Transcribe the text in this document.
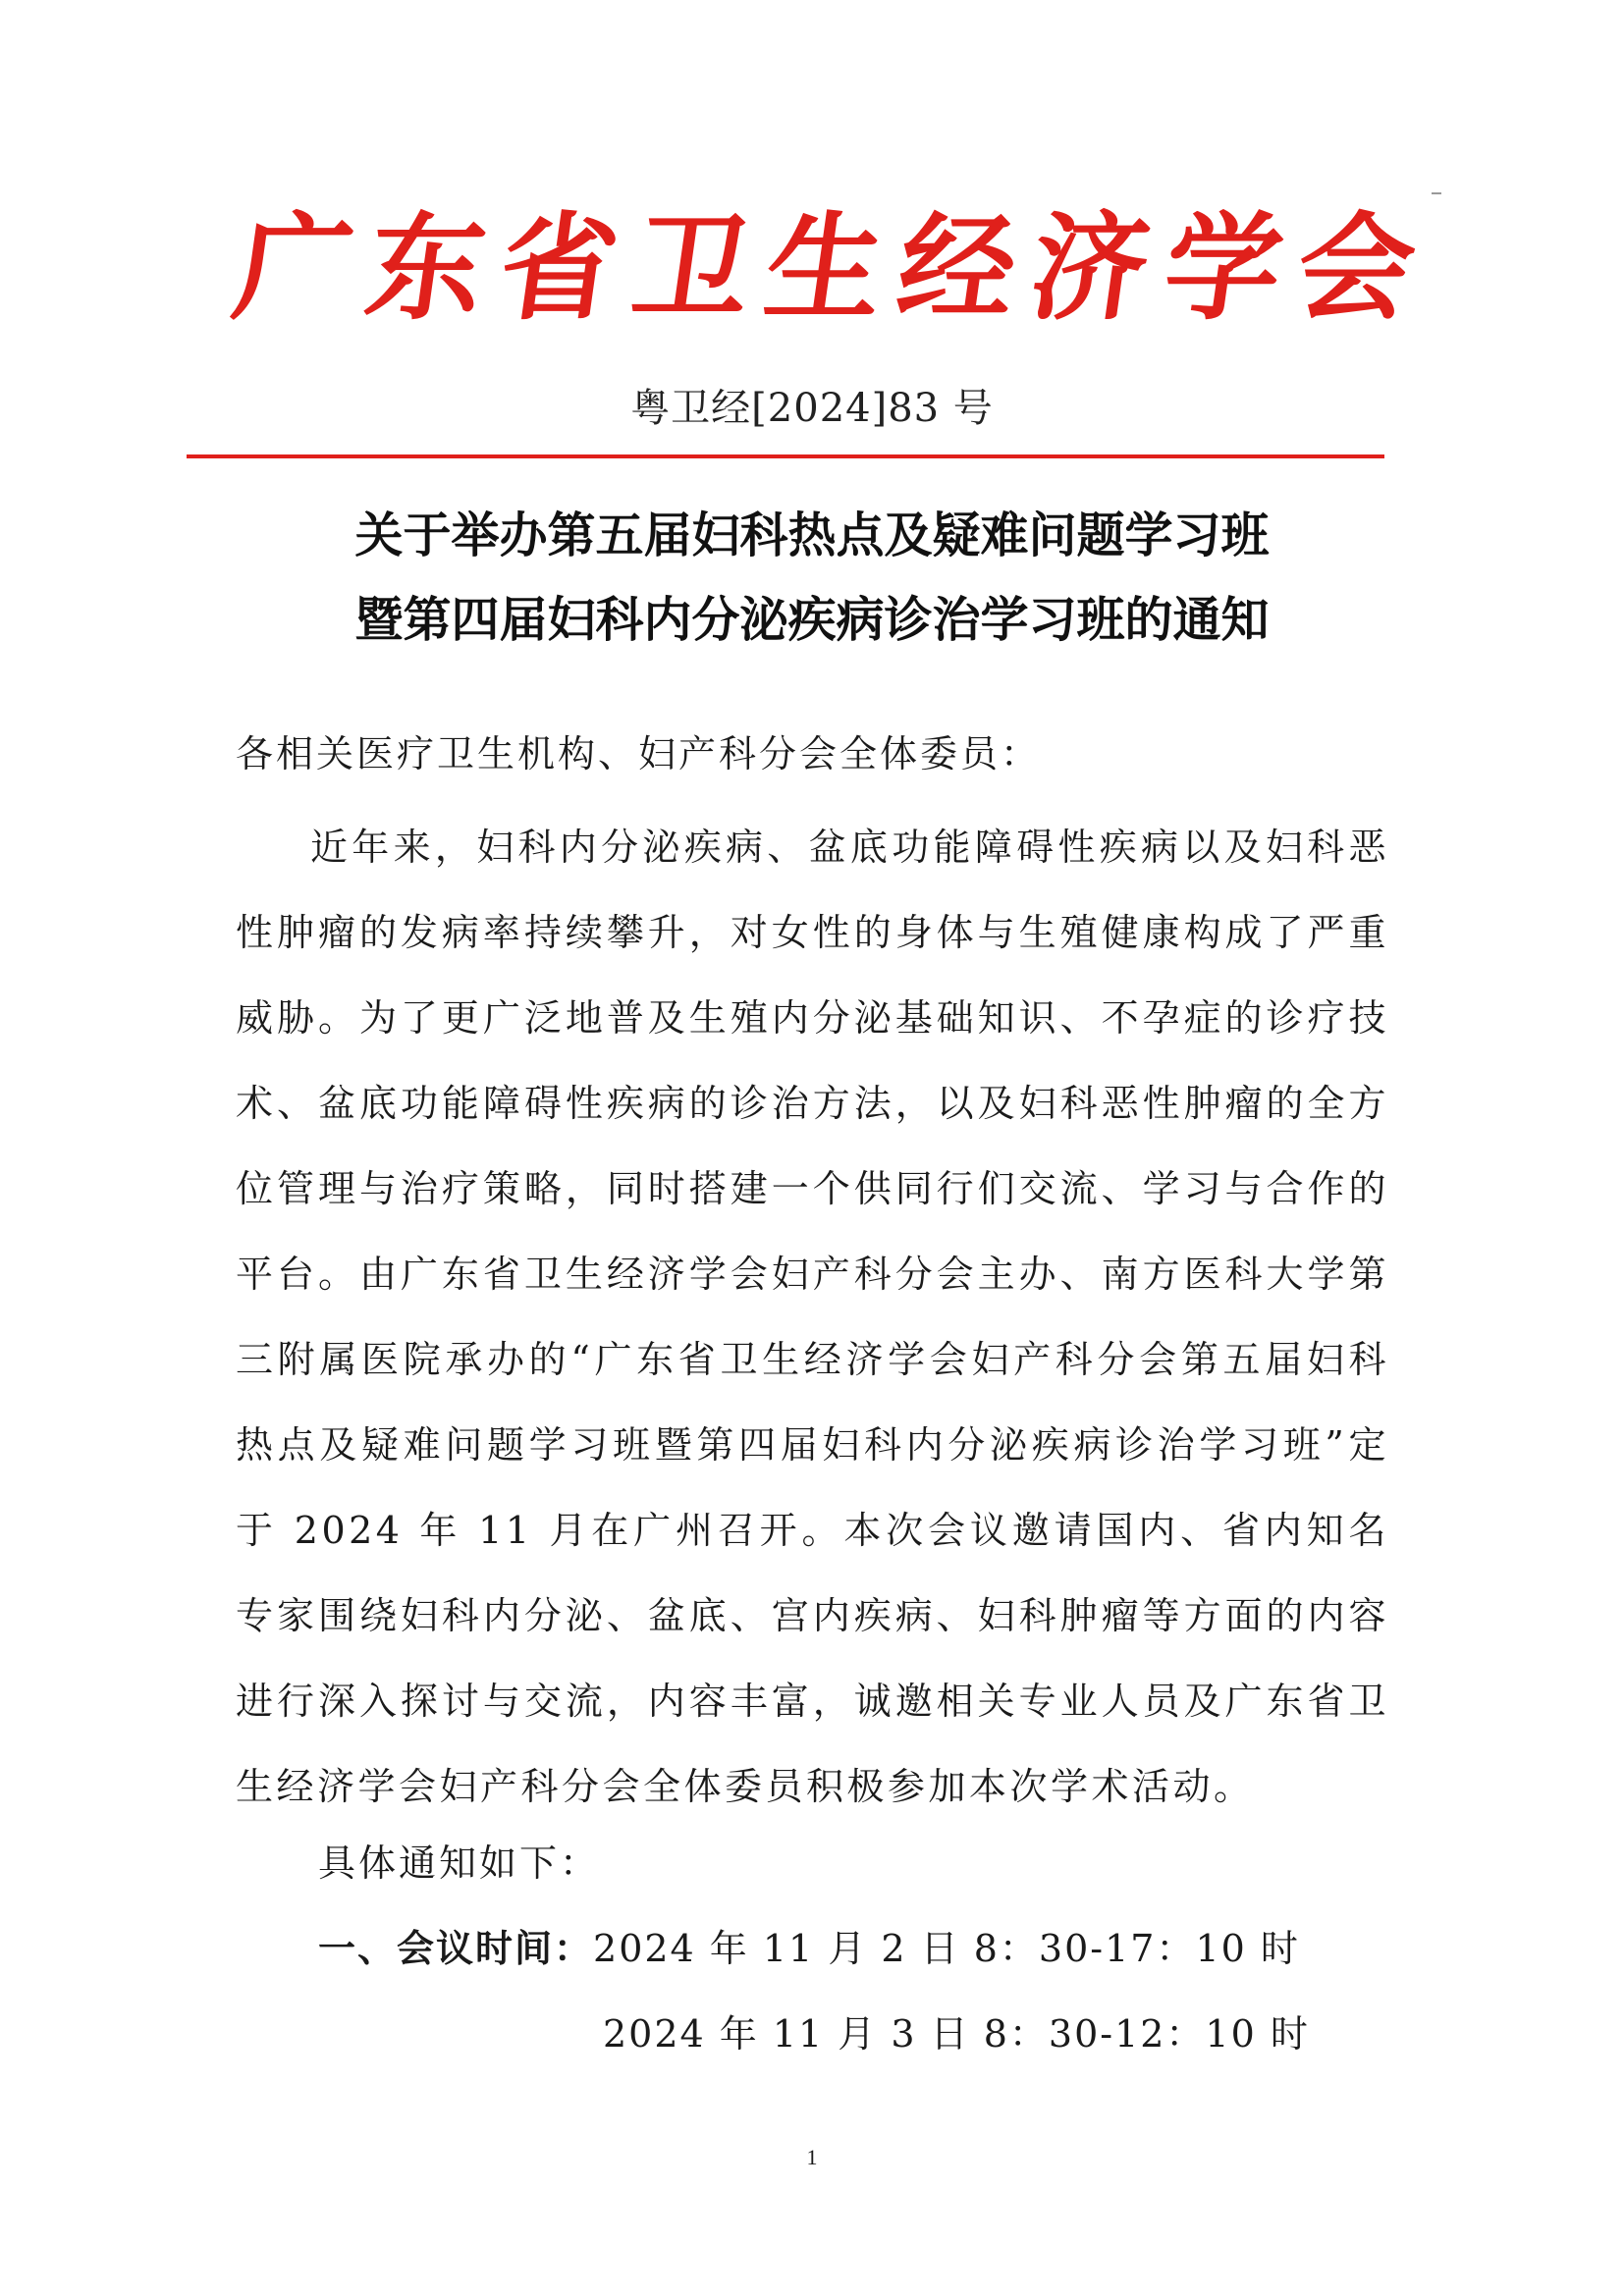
广
东
省
卫
生
经
济
学
会

粤卫经[2024]83 号

关于举办第五届妇科热点及疑难问题学习班
暨第四届妇科内分泌疾病诊治学习班的通知

各相关医疗卫生机构、妇产科分会全体委员：

近年来，妇科内分泌疾病、盆底功能障碍性疾病以及妇科恶性肿瘤的发病率持续攀升，对女性的身体与生殖健康构成了严重威胁。为了更广泛地普及生殖内分泌基础知识、不孕症的诊疗技术、盆底功能障碍性疾病的诊治方法，以及妇科恶性肿瘤的全方位管理与治疗策略，同时搭建一个供同行们交流、学习与合作的平台。由广东省卫生经济学会妇产科分会主办、南方医科大学第三附属医院承办的“广东省卫生经济学会妇产科分会第五届妇科热点及疑难问题学习班暨第四届妇科内分泌疾病诊治学习班”定于 2024 年 11 月在广州召开。本次会议邀请国内、省内知名专家围绕妇科内分泌、盆底、宫内疾病、妇科肿瘤等方面的内容进行深入探讨与交流，内容丰富，诚邀相关专业人员及广东省卫生经济学会妇产科分会全体委员积极参加本次学术活动。

具体通知如下：

一、会议时间：2024 年 11 月 2 日 8：30-17：10 时

2024 年 11 月 3 日 8：30-12：10 时

1
